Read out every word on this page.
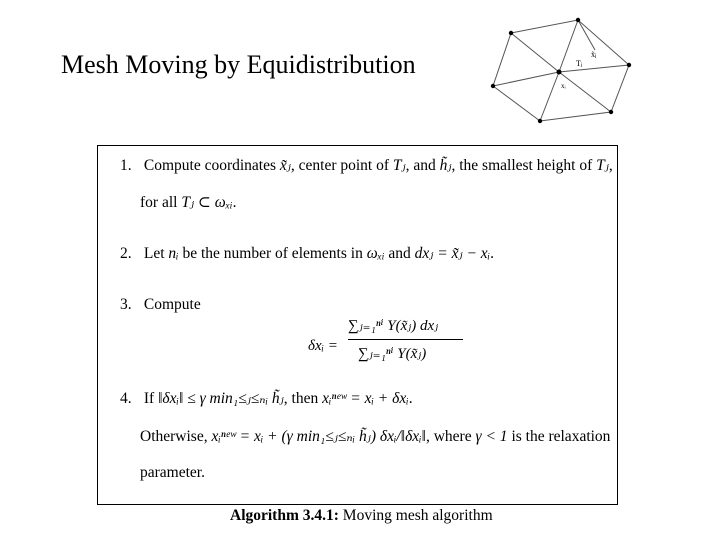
Mesh Moving by Equidistribution	x̃ⱼ
Tⱼ
xᵢ
1. Compute coordinates x̃ⱼ, center point of Tⱼ, and h̃ⱼ, the smallest height of Tⱼ,
for all Tⱼ ⊂ ωₓᵢ.
2. Let nᵢ be the number of elements in ωₓᵢ and dxⱼ = x̃ⱼ − xᵢ.
3. Compute
δxᵢ =
∑ⱼ₌₁ⁿⁱ Υ(x̃ⱼ) dxⱼ
∑ⱼ₌₁ⁿⁱ Υ(x̃ⱼ)
4. If ‖δxᵢ‖ ≤ γ min₁≤ⱼ≤ₙᵢ h̃ⱼ, then xᵢⁿᵉʷ = xᵢ + δxᵢ.
Otherwise, xᵢⁿᵉʷ = xᵢ + (γ min₁≤ⱼ≤ₙᵢ h̃ⱼ) δxᵢ/‖δxᵢ‖, where γ < 1 is the relaxation
parameter.
Algorithm 3.4.1: Moving mesh algorithm
